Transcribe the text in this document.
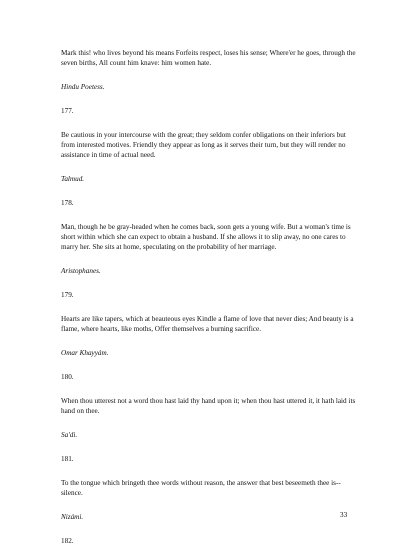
Mark this! who lives beyond his means Forfeits respect, loses his sense; Where'er he goes, through the seven births, All count him knave: him women hate.

Hindu Poetess.

177.

Be cautious in your intercourse with the great; they seldom confer obligations on their inferiors but from interested motives. Friendly they appear as long as it serves their turn, but they will render no assistance in time of actual need.

Talmud.

178.

Man, though he be gray-headed when he comes back, soon gets a young wife. But a woman's time is short within which she can expect to obtain a husband. If she allows it to slip away, no one cares to marry her. She sits at home, speculating on the probability of her marriage.

Aristophanes.

179.

Hearts are like tapers, which at beauteous eyes Kindle a flame of love that never dies; And beauty is a flame, where hearts, like moths, Offer themselves a burning sacrifice.

Omar Khayyám.

180.

When thou utterest not a word thou hast laid thy hand upon it; when thou hast uttered it, it hath laid its hand on thee.

Sa'di.

181.

To the tongue which bringeth thee words without reason, the answer that best beseemeth thee is--silence.

Nizámi.

182.

33
